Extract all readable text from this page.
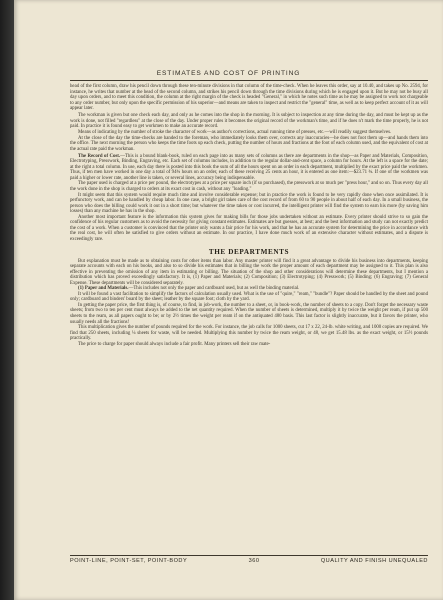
ESTIMATES AND COST OF PRINTING

head of the first column, draw his pencil down through these ten-minute divisions in that column of the time-check. When he leaves this order, say at 10.40, and takes up No. 2594, for instance, he writes that number at the head of the second column, and strikes his pencil down through the time divisions during which he is engaged upon it. But he may not be busy all day upon orders, and to meet this condition, the column at the right margin of the check is headed "General," in which he notes such time as he may be assigned to work not chargeable to any order number, but only upon the specific permission of his superior—and means are taken to inspect and restrict the "general" time, as well as to keep perfect account of it as will appear later.

The workman is given but one check each day, and only as he comes into the shop in the morning. It is subject to inspection at any time during the day, and must be kept up as the work is done, not filled "regardless" at the close of the day. Under proper rules it becomes the original record of the workman's time, and if he does n't mark the time properly, he is not paid. In practice it is found easy to get workmen to make an accurate record.

Means of indicating by the number of stroke the character of work—as author's corrections, actual running time of presses, etc.—will readily suggest themselves.

At the close of the day the time-checks are handed to the foreman, who immediately looks them over, corrects any inaccuracies—he does not foot them up—and hands them into the office. The next morning the person who keeps the time foots up each check, putting the number of hours and fractions at the foot of each column used, and the equivalent of cost at the actual rate paid the workman.

The Record of Cost.—This is a bound blank-book, ruled on each page into as many sets of columns as there are departments in the shop—as Paper and Materials, Composition, Electrotyping, Presswork, Binding, Engraving, etc. Each set of columns includes, in addition to the regular dollar-and-cent space, a column for hours. At the left is a space for the date; at the right a total column. In use, each day there is posted into this book the sum of all the hours spent on an order in each department, multiplied by the exact price paid the workmen. Thus, if ten men have worked in one day a total of 94¾ hours on an order, each of these receiving 25 cents an hour, it is entered as one item:—$23.71 ¾. If one of the workmen was paid a higher or lower rate, another line is taken, or several lines, accuracy being indispensable.

The paper used is charged at a price per pound, the electrotypes at a price per square inch (if so purchased), the presswork at so much per "press hour," and so on. Thus every day all the work done in the shop is charged to orders at its exact cost in cash, without any "loading."

It might seem that this system would require much time and involve considerable expense; but in practice the work is found to be very rapidly done when once assimilated. It is perfunctory work, and can be handled by cheap labor. In one case, a bright girl takes care of the cost record of from 60 to 90 people in about half of each day. In a small business, the person who does the billing could work it out in a short time; but whatever the time taken or cost incurred, the intelligent printer will find the system to earn his more (by saving him losses) than any machine he has in the shop.

Another most important feature is the information this system gives for making bills for those jobs undertaken without an estimate. Every printer should strive to so gain the confidence of his regular customers as to avoid the necessity for giving constant estimates. Estimates are but guesses, at best; and the best information and study can not exactly predict the cost of a work. When a customer is convinced that the printer only wants a fair price for his work, and that he has an accurate system for determining the price in accordance with the real cost, he will often be satisfied to give orders without an estimate. In our practice, I have done much work of an extensive character without estimates, and a dispute is exceedingly rare.

THE DEPARTMENTS

But explanation must be made as to obtaining costs for other items than labor. Any master printer will find it a great advantage to divide his business into departments, keeping separate accounts with each on his books, and also to so divide his estimates that in billing the work the proper amount of each department may be assigned to it. This plan is also effective in preventing the omission of any item in estimating or billing. The situation of the shop and other considerations will determine these departments, but I mention a distribution which has proved exceedingly satisfactory. It is, (1) Paper and Materials; (2) Composition; (3) Electrotyping; (4) Presswork; (5) Binding; (6) Engraving; (7) General Expense. These departments will be considered separately.

(1) Paper and Materials.—This includes not only the paper and cardboard used, but as well the binding material.

It will be found a vast facilitation to simplify the factors of calculation usually used. What is the use of "quire," "ream," "bundle"? Paper should be handled by the sheet and pound only; cardboard and binders' board by the sheet; leather by the square foot; cloth by the yard.

In getting the paper price, the first thing is, of course, to find, in job-work, the number to a sheet, or, in book-work, the number of sheets to a copy. Don't forget the necessary waste sheets; from two to ten per cent must always be added to the net quantity required. When the number of sheets is determined, multiply it by twice the weight per ream, if put up 500 sheets to the ream, as all papers ought to be; or by 2½ times the weight per ream if on the antiquated 480 basis. This last factor is slightly inaccurate, but it favors the printer, who usually needs all the fractions!

This multiplication gives the number of pounds required for the work. For instance, the job calls for 1000 sheets, cut 17 x 22, 24-lb. white writing, and 1000 copies are required. We find that 250 sheets, including ¼ sheets for waste, will be needed. Multiplying this number by twice the ream weight, or 48, we get 15.48 lbs. as the exact weight, or 15½ pounds practically.

The price to charge for paper should always include a fair profit. Many printers sell their raw mate-

POINT-LINE, POINT-SET, POINT-BODY	360	QUALITY AND FINISH UNEQUALED
